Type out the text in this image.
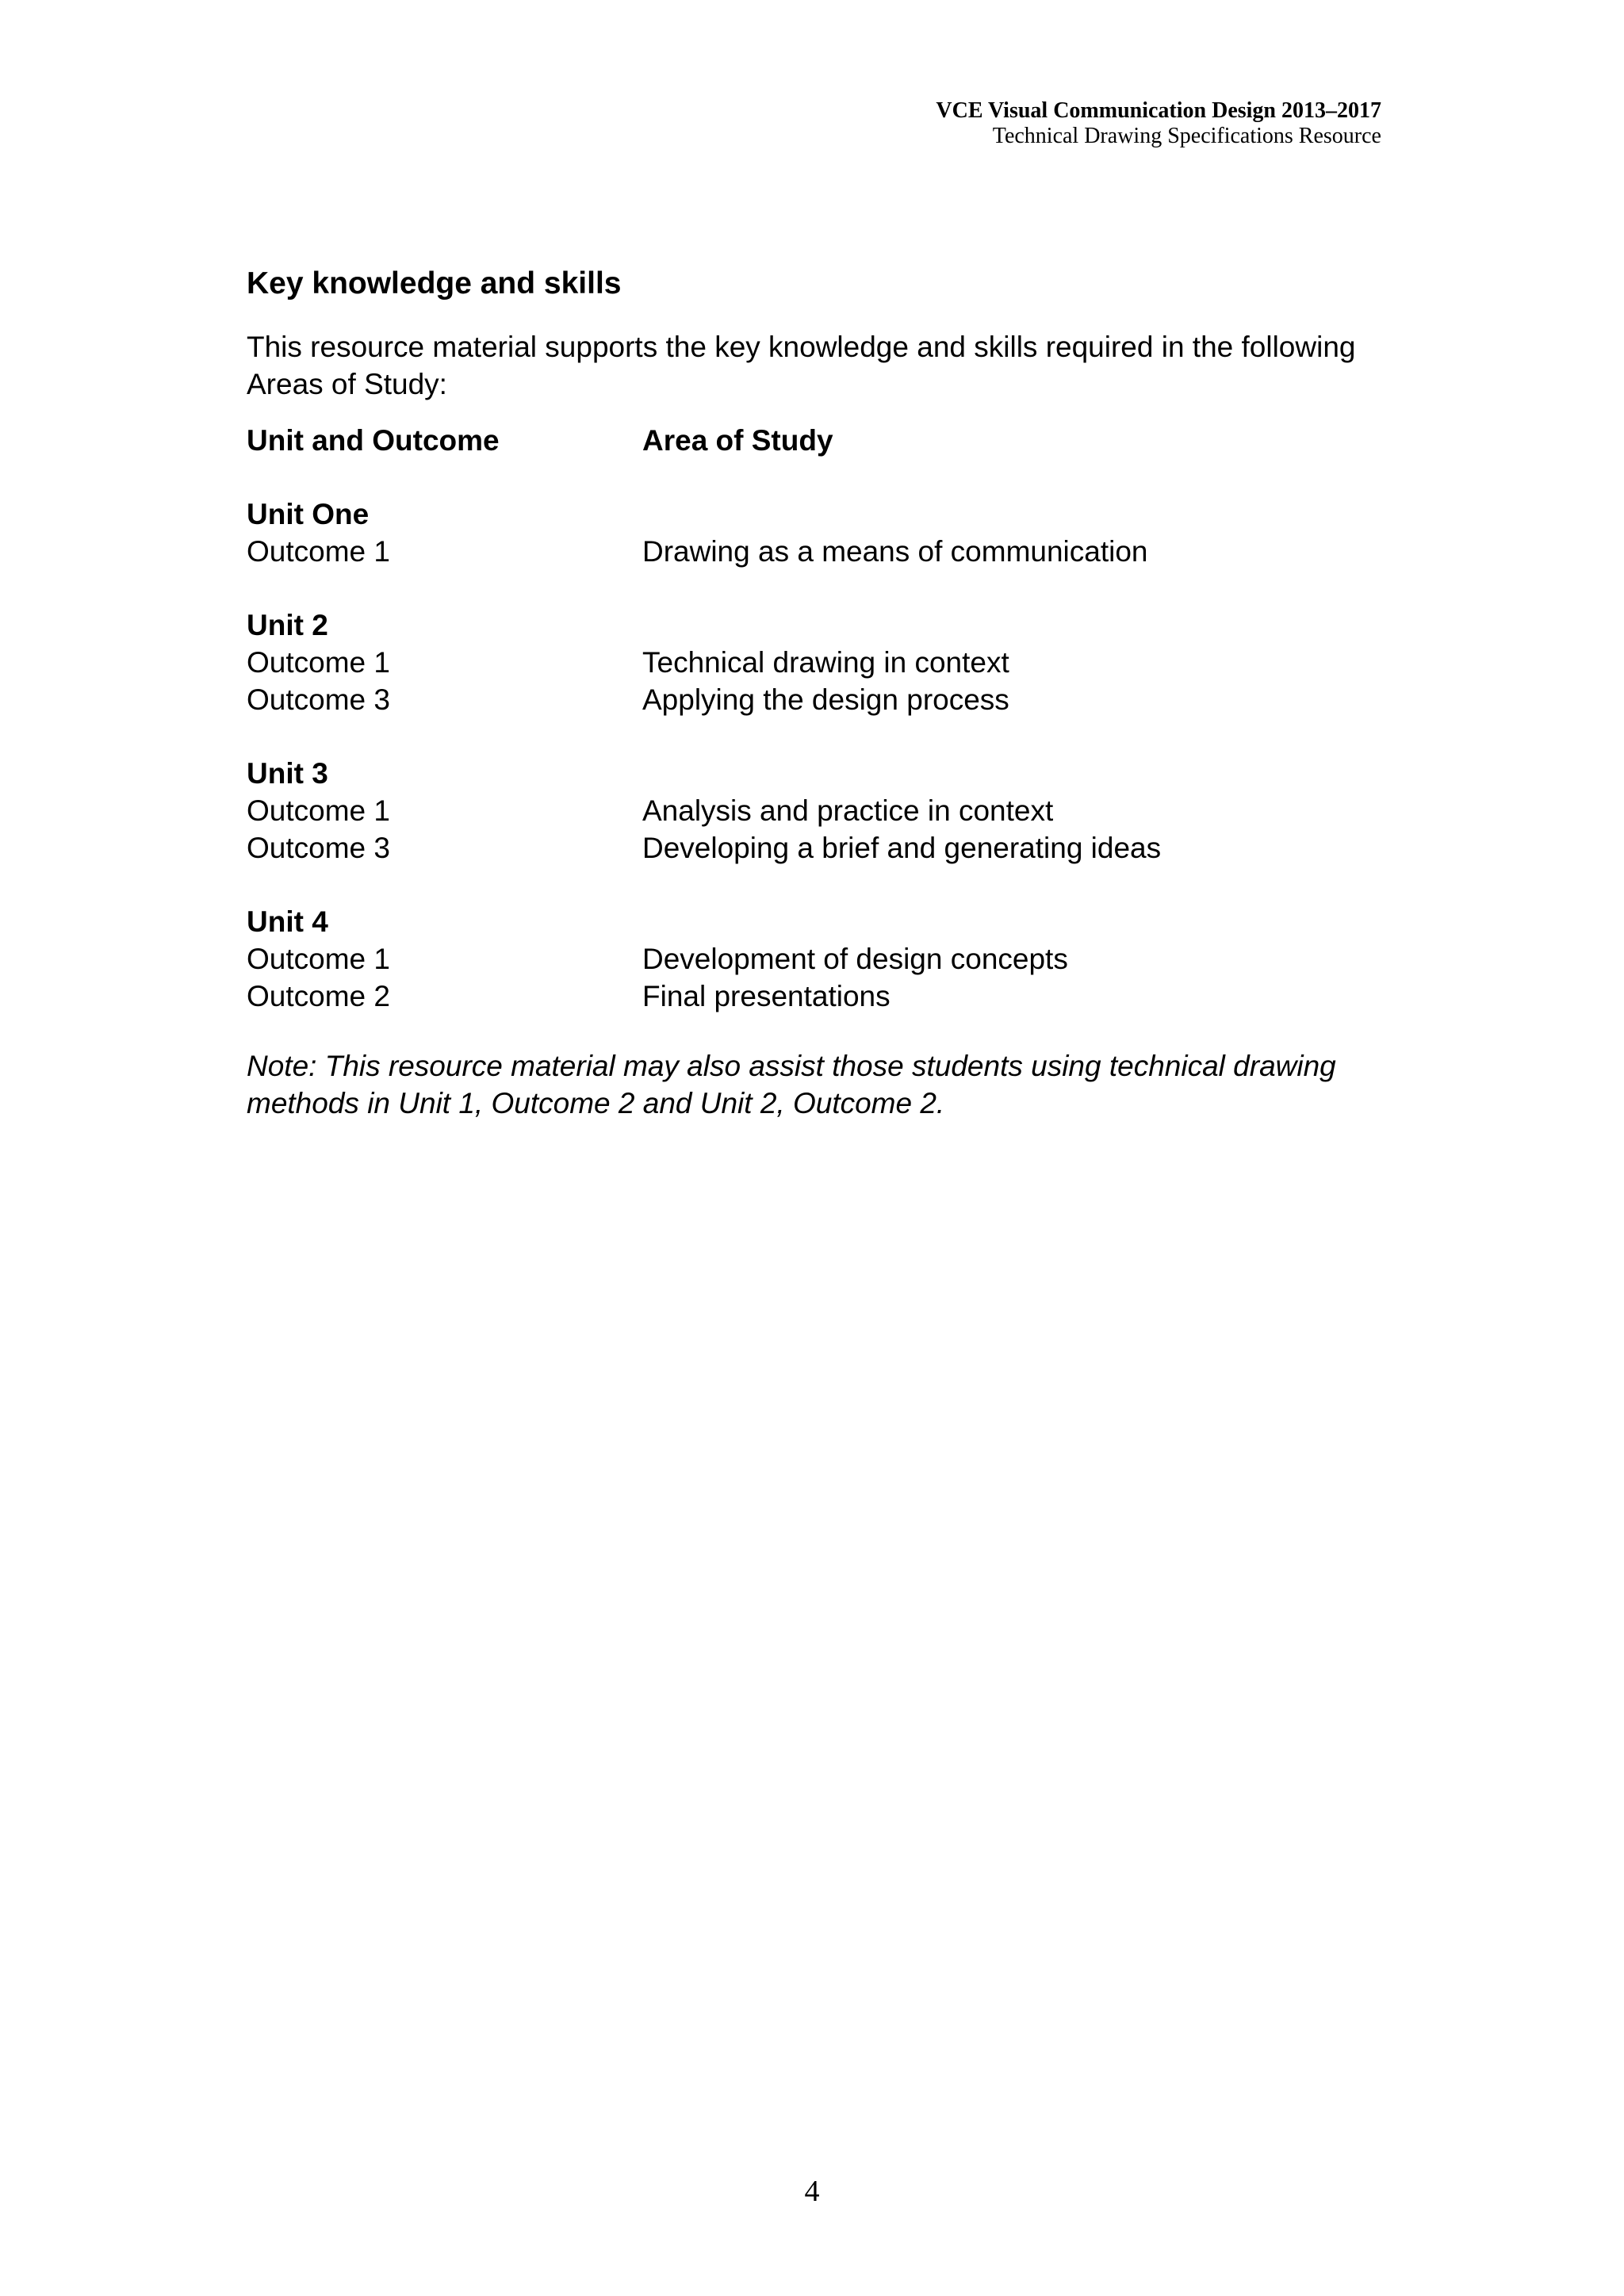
VCE Visual Communication Design 2013–2017
Technical Drawing Specifications Resource
Key knowledge and skills
This resource material supports the key knowledge and skills required in the following Areas of Study:
Unit and Outcome	Area of Study
Unit One
Outcome 1	Drawing as a means of communication
Unit 2
Outcome 1	Technical drawing in context
Outcome 3	Applying the design process
Unit 3
Outcome 1	Analysis and practice in context
Outcome 3	Developing a brief and generating ideas
Unit 4
Outcome 1	Development of design concepts
Outcome 2	Final presentations
Note: This resource material may also assist those students using technical drawing methods in Unit 1, Outcome 2 and Unit 2, Outcome 2.
4
